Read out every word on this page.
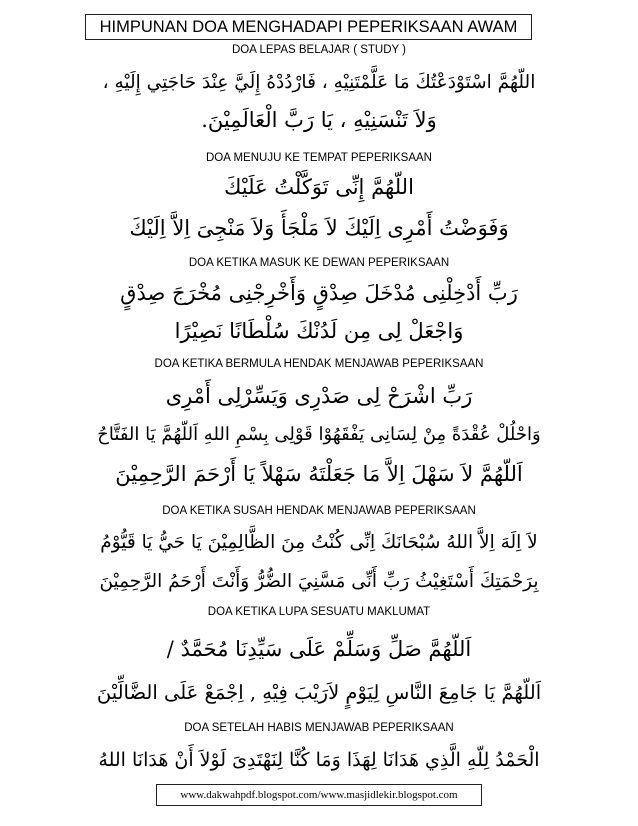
HIMPUNAN DOA MENGHADAPI PEPERIKSAAN AWAM
DOA LEPAS BELAJAR ( STUDY )
اللّهُمَّ اسْتَوْدَعْتُكَ مَا عَلَّمْتَنِيْهِ ، فَارْدُدْهُ إِلَيَّ عِنْدَ حَاجَتِي إِلَيْهِ ،
وَلاَ تَنْسَنِيْهِ ، يَا رَبَّ الْعَالَمِيْنَ.
DOA MENUJU KE TEMPAT PEPERIKSAAN
اللّهُمَّ إِنِّى تَوَكَّلْتُ عَلَيْكَ
وَفَوَضْتُ أَمْرِى اِلَيْكَ لاَ مَلْجَأَ وَلاَ مَنْجِىَ اِلاَّ اِلَيْكَ
DOA KETIKA MASUK KE DEWAN PEPERIKSAAN
رَبِّ أَدْخِلْنِى مُدْخَلَ صِدْقٍ وَأَخْرِجْنِى مُخْرَجَ صِدْقٍ
وَاجْعَلْ لِى مِن لَدُنْكَ سُلْطَانًا نَصِيْرًا
DOA KETIKA BERMULA HENDAK MENJAWAB PEPERIKSAAN
رَبِّ اشْرَحْ لِى صَدْرِى وَيَسِّرْلِى أَمْرِى
وَاحْلُلْ عُقْدَةً مِنْ لِسَانِى يَفْقَهُوْا قَوْلِى بِسْمِ اللهِ اَللّهُمَّ يَا الفَتَّاحُ
اَللّهُمَّ لاَ سَهْلَ اِلاَّ مَا جَعَلْتَهُ سَهْلاً يَا أَرْحَمَ الرَّحِمِيْنَ
DOA KETIKA SUSAH HENDAK MENJAWAB PEPERIKSAAN
لاَ اِلَهَ اِلاَّ اللهُ سُبْحَانَكَ اِنِّى كُنْتُ مِنَ الظَّالِمِيْنَ يَا حَيُّ يَا قَيُّوْمُ
بِرَحْمَتِكَ أَسْتَغِيْثُ رَبِّ أَنِّى مَسَّنِيَ الضُّرُّ وَأَنْتَ أَرْحَمُ الرَّحِمِيْنَ
DOA KETIKA LUPA SESUATU MAKLUMAT
اَللّهُمَّ صَلِّ وَسَلِّمْ عَلَى سَيِّدِنَا مُحَمَّدٌ /
اَللّهُمَّ يَا جَامِعَ النَّاسِ لِيَوْمٍ لاَرَيْبَ فِيْهِ , اِجْمَعْ عَلَى الضَّالِّيْنَ
DOA SETELAH HABIS MENJAWAB PEPERIKSAAN
الْحَمْدُ لِلّهِ الَّذِي هَدَانَا لِهَذَا وَمَا كُنَّا لِنَهْتَدِىَ لَوْلاَ أَنْ هَدَانَا اللهُ
www.dakwahpdf.blogspot.com/www.masjidlekir.blogspot.com
